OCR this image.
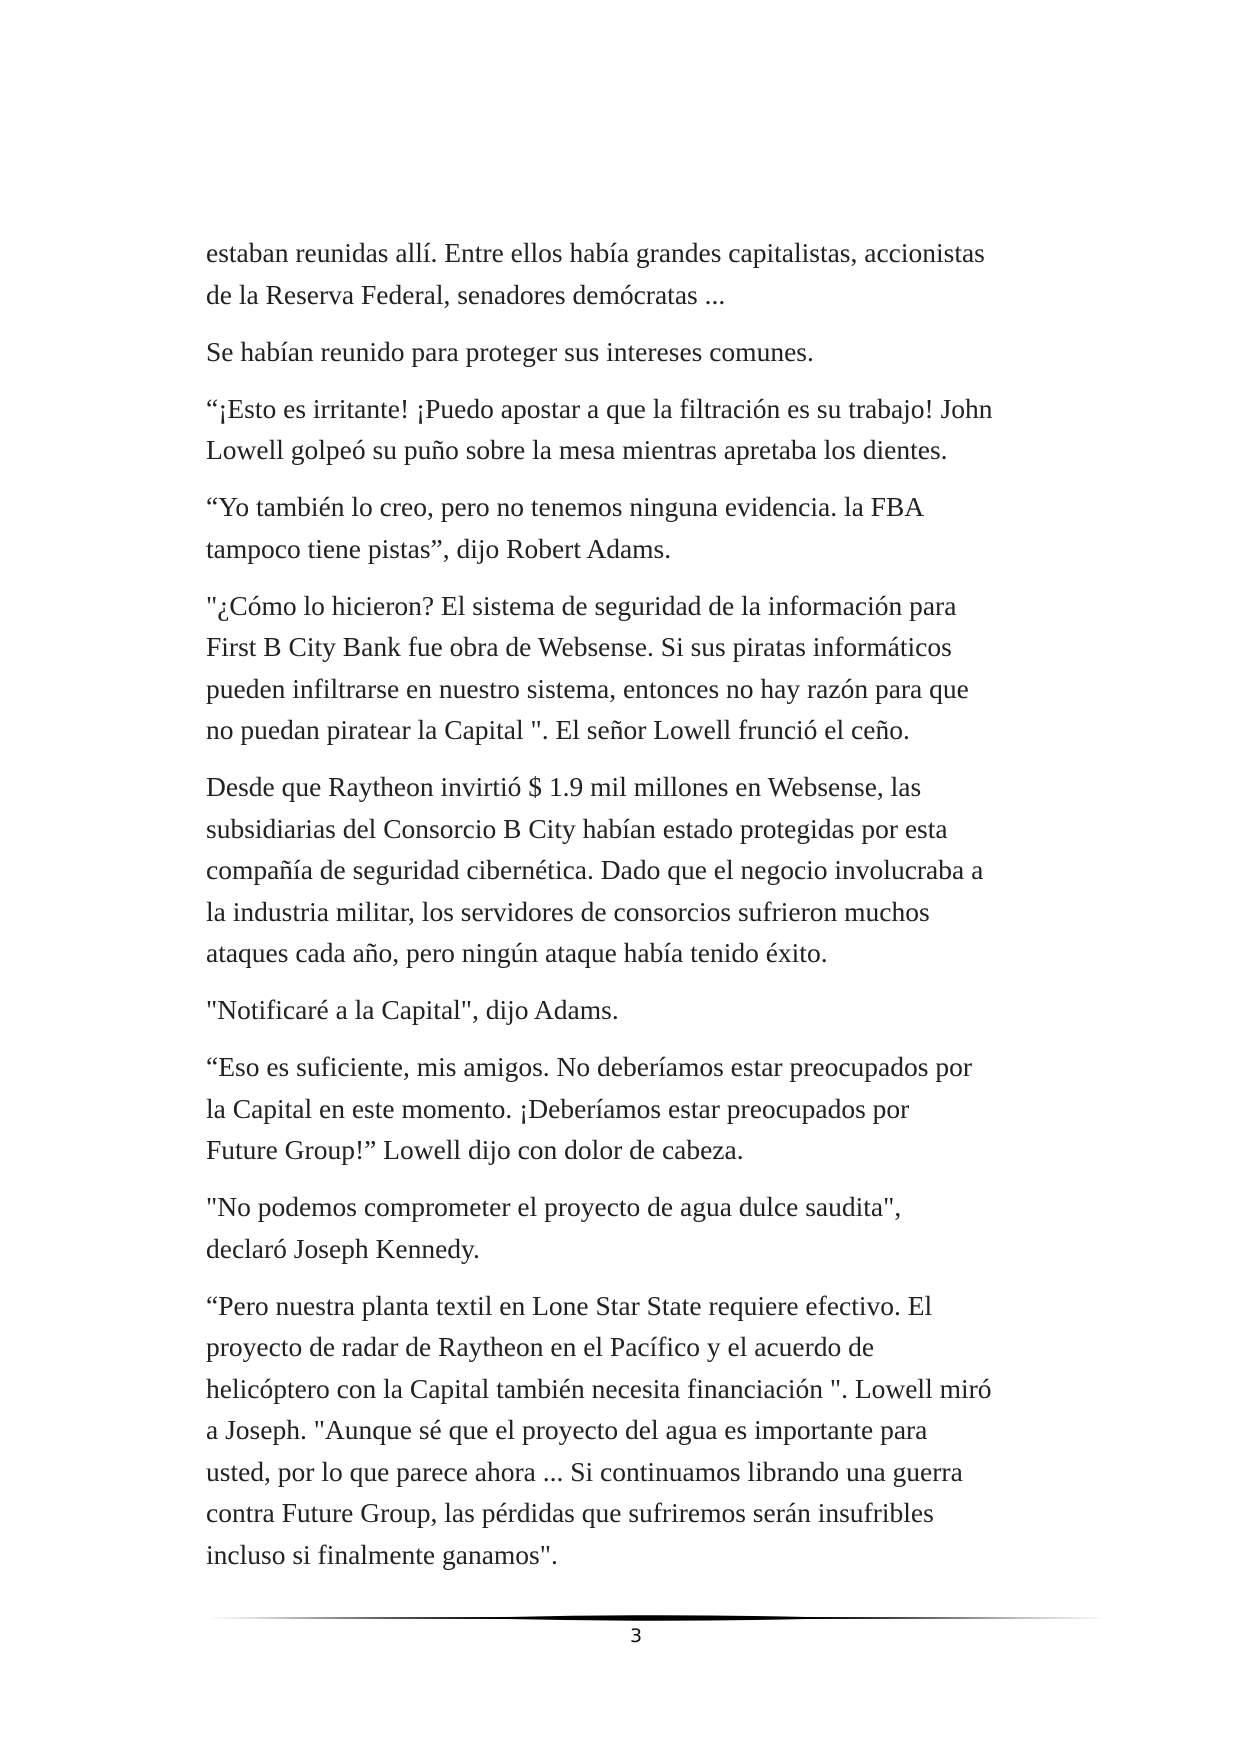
estaban reunidas allí. Entre ellos había grandes capitalistas, accionistas
de la Reserva Federal, senadores demócratas ...

Se habían reunido para proteger sus intereses comunes.

“¡Esto es irritante! ¡Puedo apostar a que la filtración es su trabajo! John
Lowell golpeó su puño sobre la mesa mientras apretaba los dientes.

“Yo también lo creo, pero no tenemos ninguna evidencia. la FBA
tampoco tiene pistas”, dijo Robert Adams.

"¿Cómo lo hicieron? El sistema de seguridad de la información para
First B City Bank fue obra de Websense. Si sus piratas informáticos
pueden infiltrarse en nuestro sistema, entonces no hay razón para que
no puedan piratear la Capital ". El señor Lowell frunció el ceño.

Desde que Raytheon invirtió $ 1.9 mil millones en Websense, las
subsidiarias del Consorcio B City habían estado protegidas por esta
compañía de seguridad cibernética. Dado que el negocio involucraba a
la industria militar, los servidores de consorcios sufrieron muchos
ataques cada año, pero ningún ataque había tenido éxito.

"Notificaré a la Capital", dijo Adams.

“Eso es suficiente, mis amigos. No deberíamos estar preocupados por
la Capital en este momento. ¡Deberíamos estar preocupados por
Future Group!” Lowell dijo con dolor de cabeza.

"No podemos comprometer el proyecto de agua dulce saudita",
declaró Joseph Kennedy.

“Pero nuestra planta textil en Lone Star State requiere efectivo. El
proyecto de radar de Raytheon en el Pacífico y el acuerdo de
helicóptero con la Capital también necesita financiación ". Lowell miró
a Joseph. "Aunque sé que el proyecto del agua es importante para
usted, por lo que parece ahora ... Si continuamos librando una guerra
contra Future Group, las pérdidas que sufriremos serán insufribles
incluso si finalmente ganamos".

3
